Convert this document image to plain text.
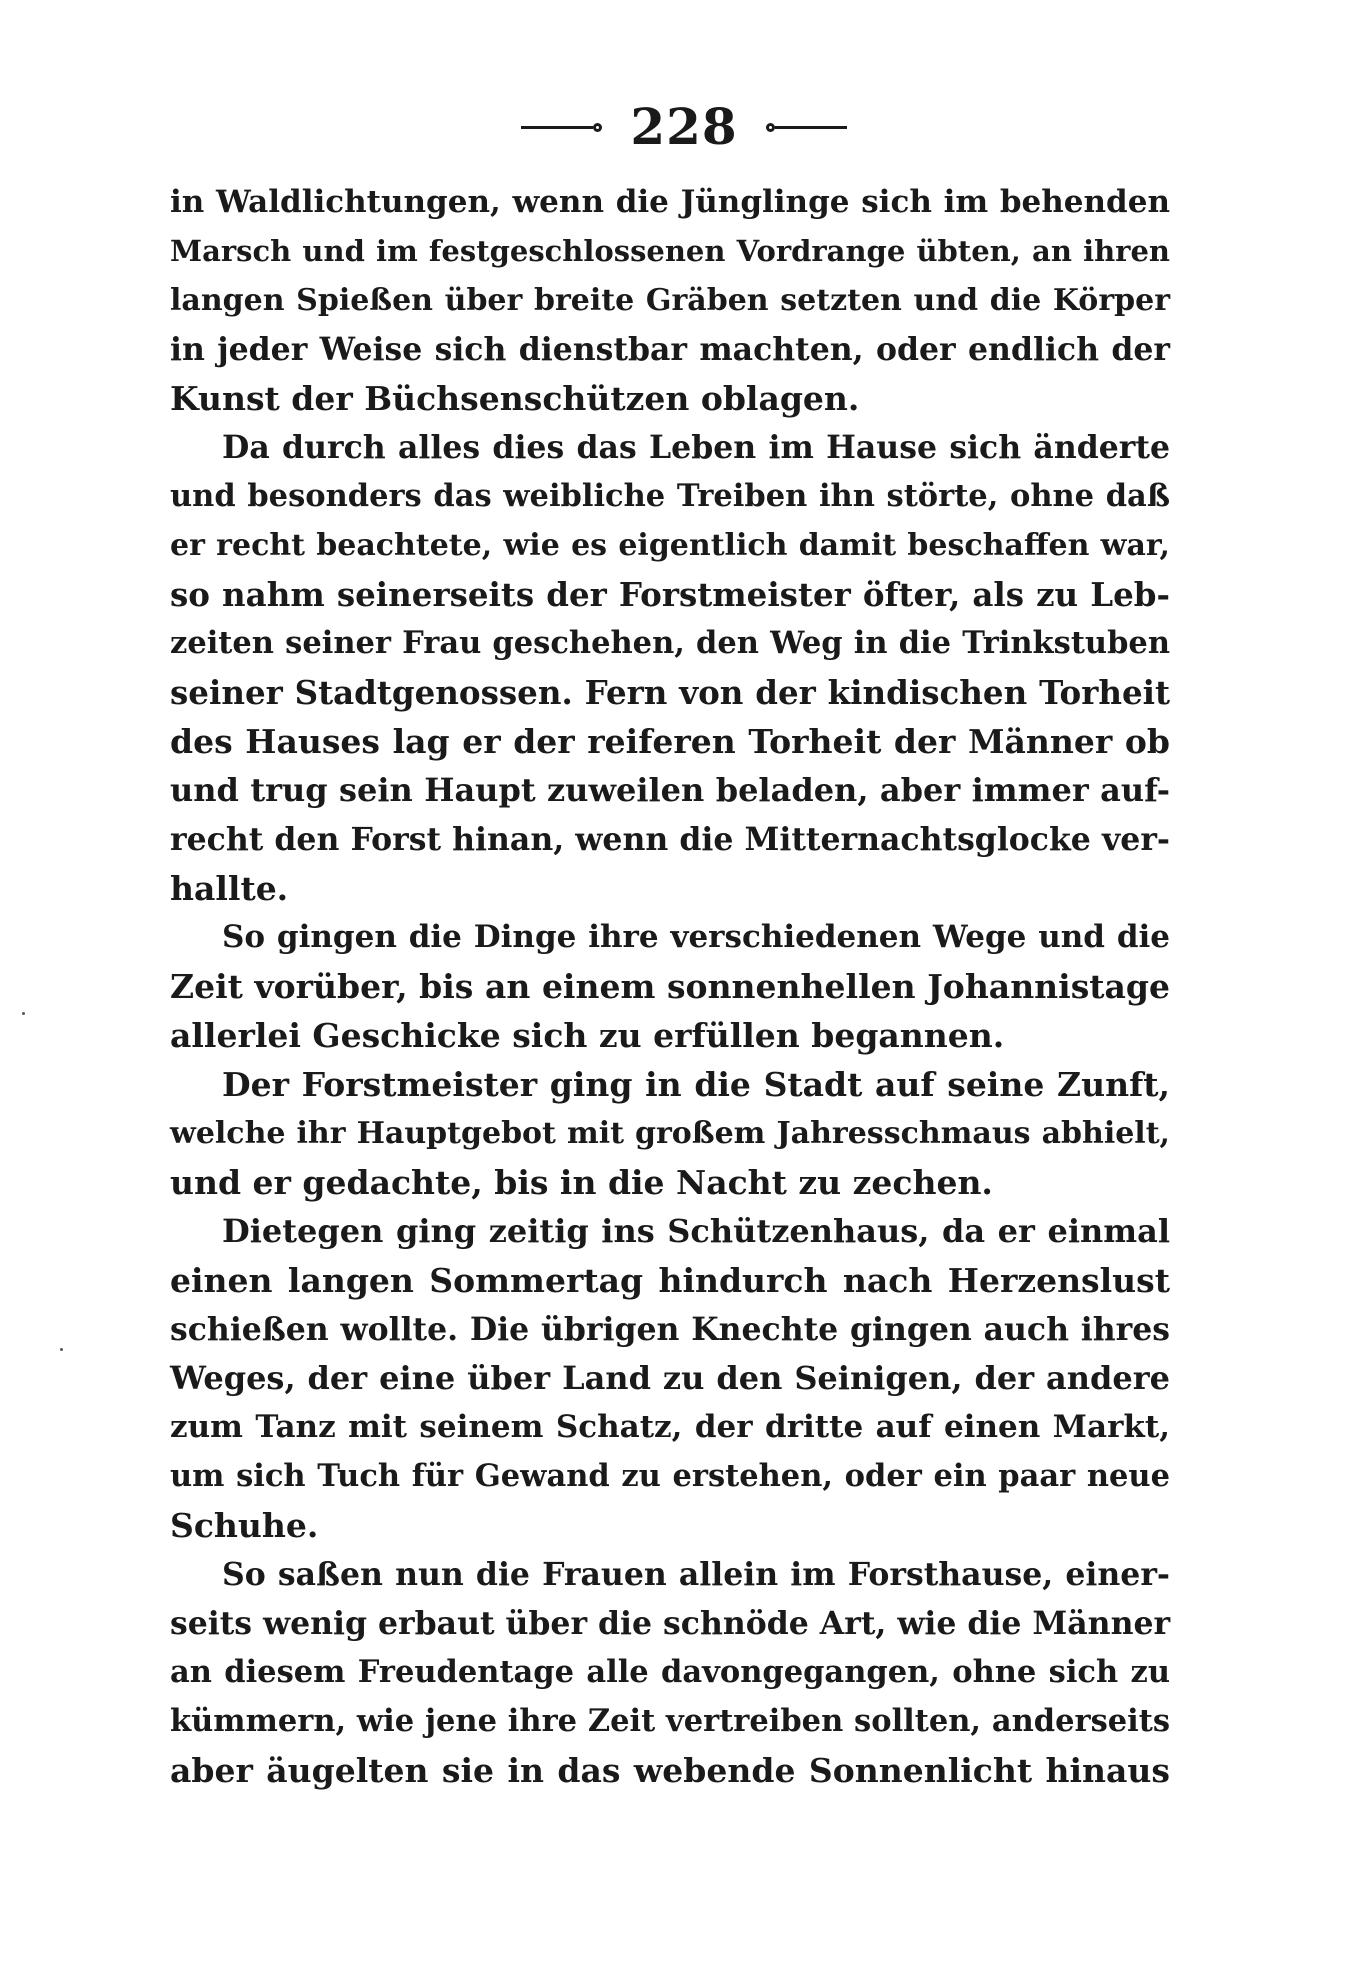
228
in Waldlichtungen, wenn die Jünglinge sich im behenden
Marsch und im festgeschlossenen Vordrange übten, an ihren
langen Spießen über breite Gräben setzten und die Körper
in jeder Weise sich dienstbar machten, oder endlich der
Kunst der Büchsenschützen oblagen.
Da durch alles dies das Leben im Hause sich änderte
und besonders das weibliche Treiben ihn störte, ohne daß
er recht beachtete, wie es eigentlich damit beschaffen war,
so nahm seinerseits der Forstmeister öfter, als zu Leb-
zeiten seiner Frau geschehen, den Weg in die Trinkstuben
seiner Stadtgenossen. Fern von der kindischen Torheit
des Hauses lag er der reiferen Torheit der Männer ob
und trug sein Haupt zuweilen beladen, aber immer auf-
recht den Forst hinan, wenn die Mitternachtsglocke ver-
hallte.
So gingen die Dinge ihre verschiedenen Wege und die
Zeit vorüber, bis an einem sonnenhellen Johannistage
allerlei Geschicke sich zu erfüllen begannen.
Der Forstmeister ging in die Stadt auf seine Zunft,
welche ihr Hauptgebot mit großem Jahresschmaus abhielt,
und er gedachte, bis in die Nacht zu zechen.
Dietegen ging zeitig ins Schützenhaus, da er einmal
einen langen Sommertag hindurch nach Herzenslust
schießen wollte. Die übrigen Knechte gingen auch ihres
Weges, der eine über Land zu den Seinigen, der andere
zum Tanz mit seinem Schatz, der dritte auf einen Markt,
um sich Tuch für Gewand zu erstehen, oder ein paar neue
Schuhe.
So saßen nun die Frauen allein im Forsthause, einer-
seits wenig erbaut über die schnöde Art, wie die Männer
an diesem Freudentage alle davongegangen, ohne sich zu
kümmern, wie jene ihre Zeit vertreiben sollten, anderseits
aber äugelten sie in das webende Sonnenlicht hinaus
